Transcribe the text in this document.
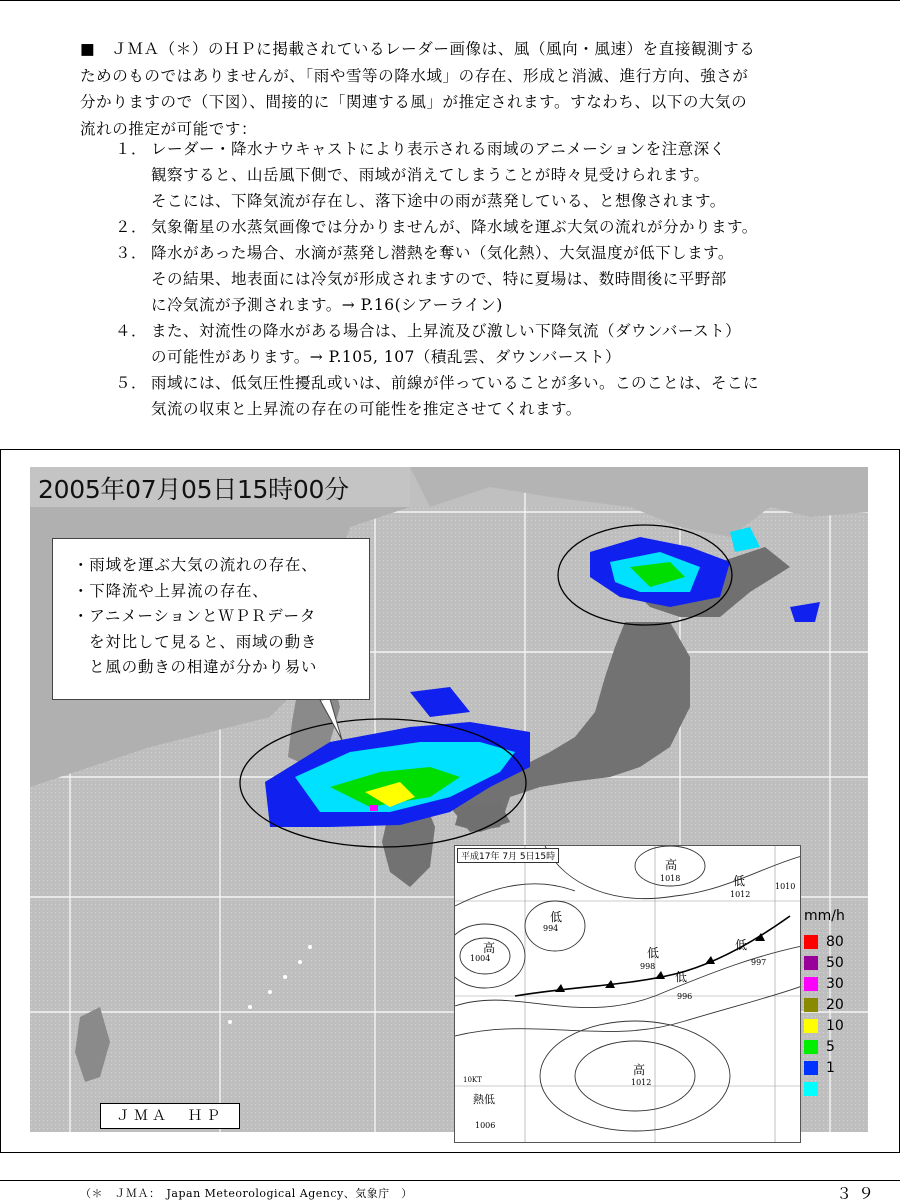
■　ＪＭＡ（＊）のＨＰに掲載されているレーダー画像は、風（風向・風速）を直接観測する

ためのものではありませんが、「雨や雪等の降水域」の存在、形成と消滅、進行方向、強さが

分かりますので（下図）、間接的に「関連する風」が推定されます。すなわち、以下の大気の

流れの推定が可能です：

１． レーダー・降水ナウキャストにより表示される雨域のアニメーションを注意深く
観察すると、山岳風下側で、雨域が消えてしまうことが時々見受けられます。
そこには、下降気流が存在し、落下途中の雨が蒸発している、と想像されます。
２． 気象衛星の水蒸気画像では分かりませんが、降水域を運ぶ大気の流れが分かります。
３． 降水があった場合、水滴が蒸発し潜熱を奪い（気化熱）、大気温度が低下します。
その結果、地表面には冷気が形成されますので、特に夏場は、数時間後に平野部
に冷気流が予測されます。→ P.16(シアーライン)
４． また、対流性の降水がある場合は、上昇流及び激しい下降気流（ダウンバースト）
の可能性があります。→ P.105, 107（積乱雲、ダウンバースト）
５． 雨域には、低気圧性擾乱或いは、前線が伴っていることが多い。このことは、そこに
気流の収束と上昇流の存在の可能性を推定させてくれます。
2005年07月05日15時00分
・雨域を運ぶ大気の流れの存在、
・下降流や上昇流の存在、
・アニメーションとＷＰＲデータ
を対比して見ると、雨域の動き
と風の動きの相違が分かり易い
ＪＭＡ　ＨＰ
平成17年 7月 5日15時
高
1018	低
1012
1010
高
1004
低
994
低
998
低
996
低
997
高
1012
熱低
1006
10KT
mm/h
80
50
30
20
10
5
1
（＊　ＪＭＡ：　Japan Meteorological Agency、気象庁　）	３９
